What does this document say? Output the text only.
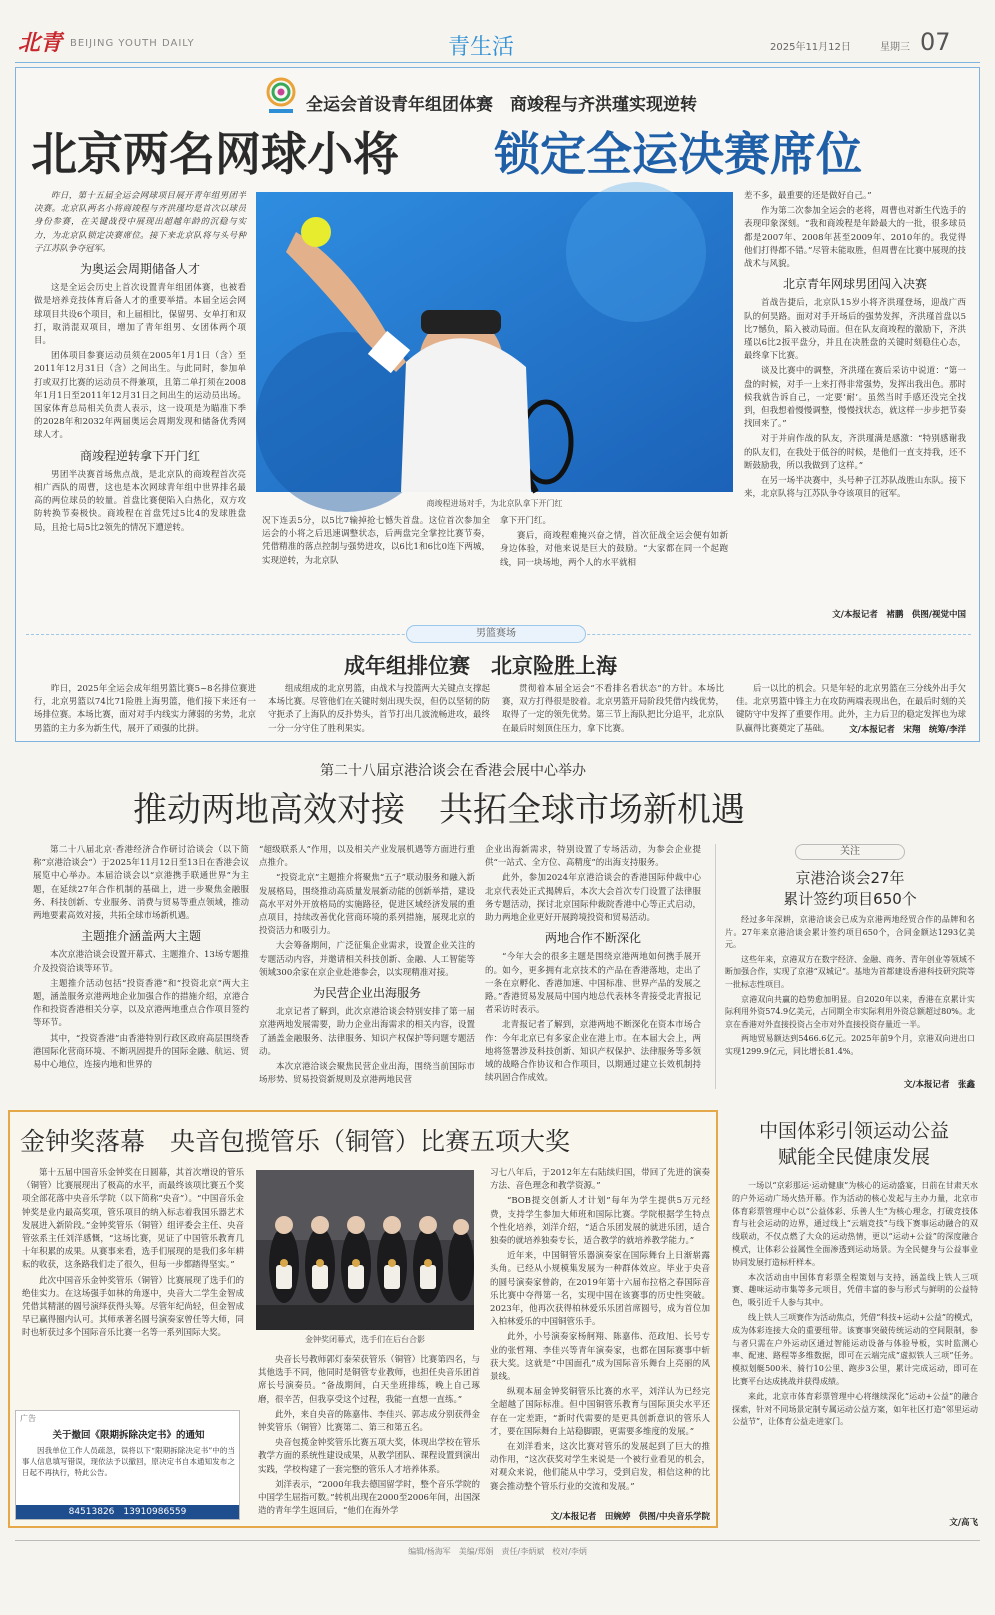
北青 BEIJING YOUTH DAILY	青生活	2025年11月12日	星期三 07
全运会首设青年组团体赛　商竣程与齐洪瑾实现逆转
北京两名网球小将 锁定全运决赛席位

昨日，第十五届全运会网球项目展开青年组男团半决赛。北京队两名小将商竣程与齐洪瑾均是首次以球员身份参赛，在关键战役中展现出超越年龄的沉稳与实力，为北京队锁定决赛席位。接下来北京队将与头号种子江苏队争夺冠军。

为奥运会周期储备人才

这是全运会历史上首次设置青年组团体赛，也被看做是培养竞技体育后备人才的重要举措。本届全运会网球项目共设6个项目，和上届相比，保留男、女单打和双打，取消混双项目，增加了青年组男、女团体两个项目。

团体项目参赛运动员须在2005年1月1日（含）至2011年12月31日（含）之间出生。与此同时，参加单打或双打比赛的运动员不得兼项，且第二单打须在2008年1月1日至2011年12月31日之间出生的运动员出场。国家体育总局相关负责人表示，这一设项是为瞄准下季的2028年和2032年两届奥运会周期发现和储备优秀网球人才。

商竣程逆转拿下开门红

男团半决赛首场焦点战，是北京队的商竣程首次亮相广西队的周曹，这也是本次网球青年组中世界排名最高的两位球员的较量。首盘比赛便陷入白热化，双方攻防转换节奏极快。商竣程在首盘凭过5比4的发球胜盘局，且抢七局5比2领先的情况下遭逆转。

商竣程进场对手，为北京队拿下开门红

况下连丢5分，以5比7输掉抢七憾失首盘。这位首次参加全运会的小将之后迅速调整状态，后两盘完全掌控比赛节奏，凭借精准的落点控制与强势进攻，以6比1和6比0连下两城，实现逆转，为北京队

拿下开门红。

赛后，商竣程难掩兴奋之情，首次征战全运会便有如新身边体验，对他来说是巨大的鼓励。“大家都在同一个起跑线，同一块场地，两个人的水平就相

差不多，最重要的还是做好自己。”

作为第二次参加全运会的老将，周曹也对新生代选手的表现印象深刻。“我和商竣程是年龄最大的一批，很多球员都是2007年、2008年甚至2009年、2010年的。我觉得他们打得都不错。”尽管未能取胜，但周曹在比赛中展现的技战术与风貌。

北京青年网球男团闯入决赛

首战告捷后，北京队15岁小将齐洪瑾登场，迎战广西队的何昊路。面对对手开场后的强势发挥，齐洪瑾首盘以5比7憾负，陷入被动局面。但在队友商竣程的激励下，齐洪瑾以6比2扳平盘分，并且在决胜盘的关键时刻稳住心态，最终拿下比赛。

谈及比赛中的调整，齐洪瑾在赛后采访中说道：“第一盘的时候，对手一上来打得非常强势，发挥出我出色。那时候我就告诉自己，一定要‘耐’。虽然当时手感还没完全找到，但我想着慢慢调整，慢慢找状态，就这样一步步把节奏找回来了。”

对于并肩作战的队友，齐洪瑾满是感激：“特别感谢我的队友们，在我处于低谷的时候，是他们一直支持我，还不断鼓励我，所以我做到了这样。”

在另一场半决赛中，头号种子江苏队战胜山东队。接下来，北京队将与江苏队争夺该项目的冠军。

文/本报记者　褚鹏　供图/视觉中国
男篮赛场
成年组排位赛　北京险胜上海

昨日，2025年全运会成年组男篮比赛5~8名排位赛进行，北京男篮以74比71险胜上海男篮，他们接下来还有一场排位赛。本场比赛，面对对手内线实力薄弱的劣势，北京男篮的主力多为新生代，展开了顽强的比拼。

组成组成的北京男篮，由战术与投篮两大关键点支撑起本场比赛。尽管他们在关键时刻出现失误，但仍以坚韧的防守扼杀了上海队的反扑势头，首节打出几波流畅进攻，最终一分一分守住了胜利果实。

贯彻着本届全运会“不看排名看状态”的方针。本场比赛，双方打得很是胶着。北京男篮开局阶段凭借内线优势，取得了一定的领先优势。第三节上海队把比分追平，北京队在最后时刻顶住压力，拿下比赛。

后一以比的机会。只是年轻的北京男篮在三分线外出手欠佳。北京男篮中锋主力在攻防两端表现出色，在最后时刻的关键防守中发挥了重要作用。此外，主力后卫的稳定发挥也为球队赢得比赛奠定了基础。	文/本报记者　宋翔　统筹/李洋
第二十八届京港洽谈会在香港会展中心举办
推动两地高效对接　共拓全球市场新机遇

第二十八届北京·香港经济合作研讨洽谈会（以下简称“京港洽谈会”）于2025年11月12日至13日在香港会议展览中心举办。本届洽谈会以“京港携手联通世界”为主题，在延续27年合作机制的基础上，进一步聚焦金融服务、科技创新、专业服务、消费与贸易等重点领域，推动两地要素高效对接，共拓全球市场新机遇。

主题推介涵盖两大主题

本次京港洽谈会设置开幕式、主题推介、13场专题推介及投资洽谈等环节。

主题推介活动包括“投资香港”和“投资北京”两大主题，涵盖服务京港两地企业加强合作的措施介绍，京港合作和投资香港相关分享，以及京港两地重点合作项目签约等环节。

其中，“投资香港”由香港特别行政区政府高层围绕香港国际化营商环境、不断巩固提升的国际金融、航运、贸易中心地位，连接内地和世界的

“超级联系人”作用，以及相关产业发展机遇等方面进行重点推介。

“投资北京”主题推介将聚焦“五子”联动服务和融入新发展格局，围绕推动高质量发展新动能的创新举措，建设高水平对外开放格局的实施路径，促进区域经济发展的重点项目，持续改善优化营商环境的系列措施，展现北京的投资活力和吸引力。

大会筹备期间，广泛征集企业需求，设置企业关注的专题活动内容，并邀请相关科技创新、金融、人工智能等领域300余家在京企业赴港参会，以实现精准对接。

为民营企业出海服务

北京记者了解到，此次京港洽谈会特别安排了第一届京港两地发展需要，助力企业出海需求的相关内容，设置了涵盖金融服务、法律服务、知识产权保护等问题专题活动。

本次京港洽谈会聚焦民营企业出海，围绕当前国际市场形势、贸易投资新规则及京港两地民营

企业出海新需求，特别设置了专场活动，为参会企业提供“一站式、全方位、高精度”的出海支持服务。

此外，参加2024年京港洽谈会的香港国际仲裁中心北京代表处正式揭牌后，本次大会首次专门设置了法律服务专题活动，探讨北京国际仲裁院香港中心等正式启动，助力两地企业更好开展跨境投资和贸易活动。

两地合作不断深化

“今年大会的很多主题是围绕京港两地如何携手展开的。如今，更多拥有北京技术的产品在香港落地，走出了一条在京孵化、香港加速、中国标准、世界产品的发展之路。”香港贸易发展局中国内地总代表林冬青接受北青报记者采访时表示。

北青报记者了解到，京港两地不断深化在资本市场合作：今年北京已有多家企业在港上市。在本届大会上，两地将签署涉及科技创新、知识产权保护、法律服务等多领域的战略合作协议和合作项目，以期通过建立长效机制持续巩固合作成效。

关注
京港洽谈会27年
累计签约项目650个

经过多年深耕，京港洽谈会已成为京港两地经贸合作的品牌和名片。27年来京港洽谈会累计签约项目650个，合同金额达1293亿美元。

这些年来，京港双方在数字经济、金融、商务、青年创业等领域不断加强合作，实现了京港“双城记”。基地为首都建设香港科技研究院等一批标志性项目。

京港双向共赢的趋势愈加明显。自2020年以来，香港在京累计实际利用外资574.9亿美元，占同期全市实际利用外资总额超过80%。北京在香港对外直接投资占全市对外直接投资存量近一半。

两地贸易额达到5466.6亿元。2025年前9个月，京港双向进出口实现1299.9亿元，同比增长81.4%。

文/本报记者　张鑫
金钟奖落幕　央音包揽管乐（铜管）比赛五项大奖

第十五届中国音乐金钟奖在日圆幕，其首次增设的管乐（铜管）比赛展现出了极高的水平，而最终该项比赛五个奖项全部花落中央音乐学院（以下简称“央音”）。“中国音乐金钟奖是业内最高奖项，管乐项目的纳入标志着我国乐器艺术发展进入新阶段。”金钟奖管乐（铜管）组评委会主任、央音管弦系主任刘洋感慨，“这场比赛，见证了中国管乐教育几十年积累的成果。从赛事来看，选手们展现的是我们多年耕耘的收获，这条路我们走了很久，但每一步都踏得坚实。”

此次中国音乐金钟奖管乐（铜管）比赛展现了选手们的绝佳实力。在这场强手如林的角逐中，央音大二学生金智成凭借其精湛的圆号演绎获得头筹。尽管年纪尚轻，但金智成早已赢得圈内认可。其师承著名圆号演奏家曾任等大师，同时也斩获过多个国际音乐比赛一名等一系列国际大奖。

金钟奖闭幕式，选手们在后台合影

央音长号教师郭灯泰荣获管乐（铜管）比赛第四名，与其他选手不同，他同时是铜管专业教师，也担任央音乐团首席长号演奏员。“备战期间，白天坐班排练，晚上自己琢磨，很辛苦，但我享受这个过程，我能一直想一直练。”

此外，来自央音的陈嘉伟、李佳兴、郭志成分别获得金钟奖管乐（铜管）比赛第二、第三和第五名。

央音包揽金钟奖管乐比赛五项大奖，体现出学校在管乐教学方面的系统性建设成果，从教学团队、课程设置到演出实践，学校构建了一套完整的管乐人才培养体系。

刘洋表示，“2000年我去德国留学时，整个音乐学院的中国学生屈指可数。”转机出现在2000至2006年间，出国深造的青年学生返回后，“他们在海外学

习七八年后，于2012年左右陆续归国，带回了先进的演奏方法、音色理念和教学资源。”

“BOB提交创新人才计划”每年为学生提供5万元经费，支持学生参加大师班和国际比赛。学院根据学生特点个性化培养，刘洋介绍，“适合乐团发展的就进乐团，适合独奏的就培养独奏专长，适合教学的就培养教学能力。”

近年来，中国铜管乐器演奏家在国际舞台上日渐崭露头角。已经从小规模集发展为一种群体效应。毕业于央音的圆号演奏家曾韵，在2019年第十六届布拉格之春国际音乐比赛中夺得第一名，实现中国在该赛事的历史性突破。2023年，他再次获得柏林爱乐乐团首席圆号，成为首位加入柏林爱乐的中国铜管乐手。

此外，小号演奏家杨舸翔、陈嘉伟、范政旭、长号专业的张哲翔、李佳兴等青年演奏家，也都在国际赛事中斩获大奖。这就是“中国面孔”成为国际音乐舞台上亮丽的风景线。

纵观本届金钟奖铜管乐比赛的水平，刘洋认为已经完全超越了国际标准。但中国铜管乐教育与国际顶尖水平还存在一定差距，“新时代需要的是更具创新意识的管乐人才，要在国际舞台上站稳脚跟，更需要多维度的发展。”

在刘洋看来，这次比赛对管乐的发展起到了巨大的推动作用，“这次获奖对学生来说是一个被行业看见的机会，对观众来说，他们能从中学习，受到启发，相信这种的比赛会推动整个管乐行业的交流和发展。”

文/本报记者　田婉婷　供图/中央音乐学院
广告
关于撤回《限期拆除决定书》的通知

因我单位工作人员疏忽，误将以下“限期拆除决定书”中的当事人信息填写错误，现依法予以撤回，原决定书自本通知发布之日起不再执行，特此公告。

84513826　13910986559
中国体彩引领运动公益
赋能全民健康发展

一场以“京彩那运·运动健康”为核心的运动盛宴，日前在甘肃天水的户外运动广场火热开幕。作为活动的核心发起与主办力量，北京市体育彩票管理中心以“公益体彩、乐善人生”为核心理念，打破竞技体育与社会运动的边界，通过线上“云端竞技”与线下赛事运动融合的双线联动，不仅点燃了大众的运动热情，更以“运动+公益”的深度融合模式，让体彩公益属性全面渗透到运动场景。为全民健身与公益事业协同发展打造标杆样本。

本次活动由中国体育彩票全程策划与支持，涵盖线上铁人三项赛、趣味运动市集等多元项目，凭借丰富的参与形式与鲜明的公益特色，吸引近千人参与其中。

线上铁人三项赛作为活动焦点，凭借“科技+运动+公益”的模式，成为体彩连接大众的重要纽带。该赛事突破传统运动的空间限制，参与者只需在户外运动区通过智能运动设备与体验导板，实时监测心率、配速、路程等多维数据，即可在云端完成“虚拟铁人三项”任务。模拟划艇500米、骑行10公里、跑步3公里，累计完成运动，即可在比赛平台达成挑战并获得成绩。

来此，北京市体育彩票管理中心将继续深化“运动+公益”的融合探索，针对不同场景定制专属运动公益方案，如年社区打造“邻里运动公益节”，让体育公益走进家门。

文/高飞
编辑/杨海军　美编/郑娟　责任/李炳斌　校对/李炳
